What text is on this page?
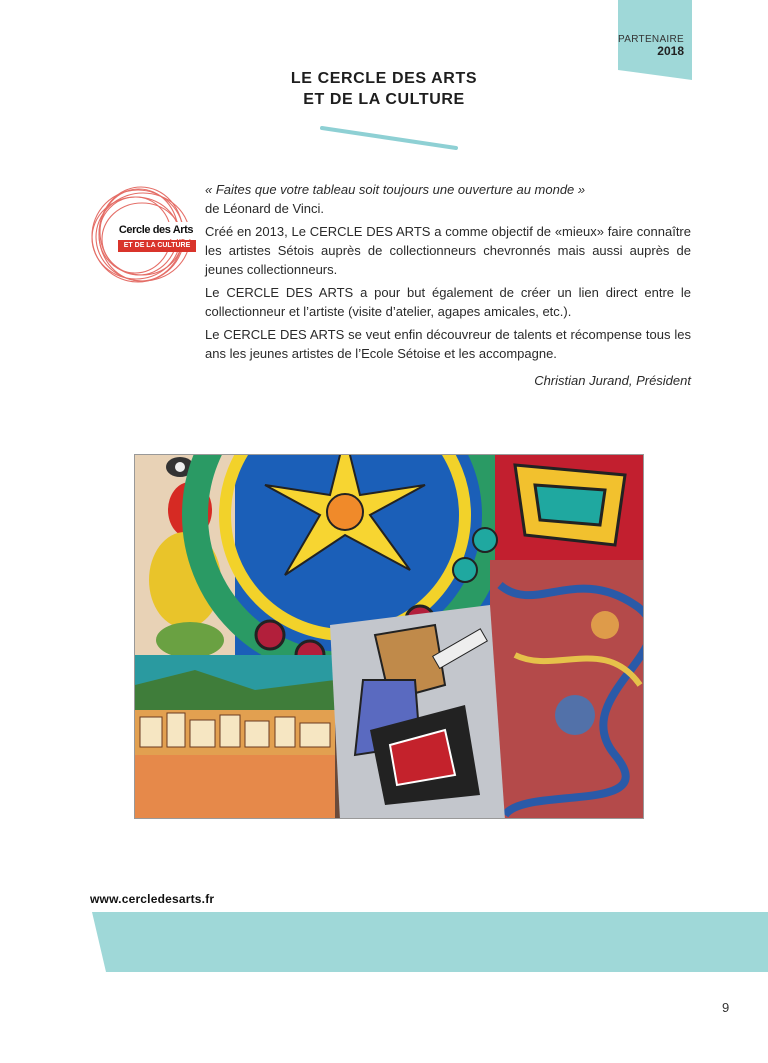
PARTENAIRE
2018
LE CERCLE DES ARTS
ET DE LA CULTURE
Cercle des Arts
ET DE LA CULTURE

« Faites que votre tableau soit toujours une ouverture au monde »

de Léonard de Vinci.

Créé en 2013, Le CERCLE DES ARTS a comme objectif de «mieux» faire connaître les artistes Sétois auprès de collectionneurs chevronnés mais aussi auprès de jeunes collectionneurs.

Le CERCLE DES ARTS a pour but également de créer un lien direct entre le collectionneur et l’artiste (visite d’atelier, agapes amicales, etc.).

Le CERCLE DES ARTS se veut enfin découvreur de talents et récompense tous les ans les jeunes artistes de l’Ecole Sétoise et les accompagne.

Christian Jurand, Président

www.cercledesarts.fr
9
